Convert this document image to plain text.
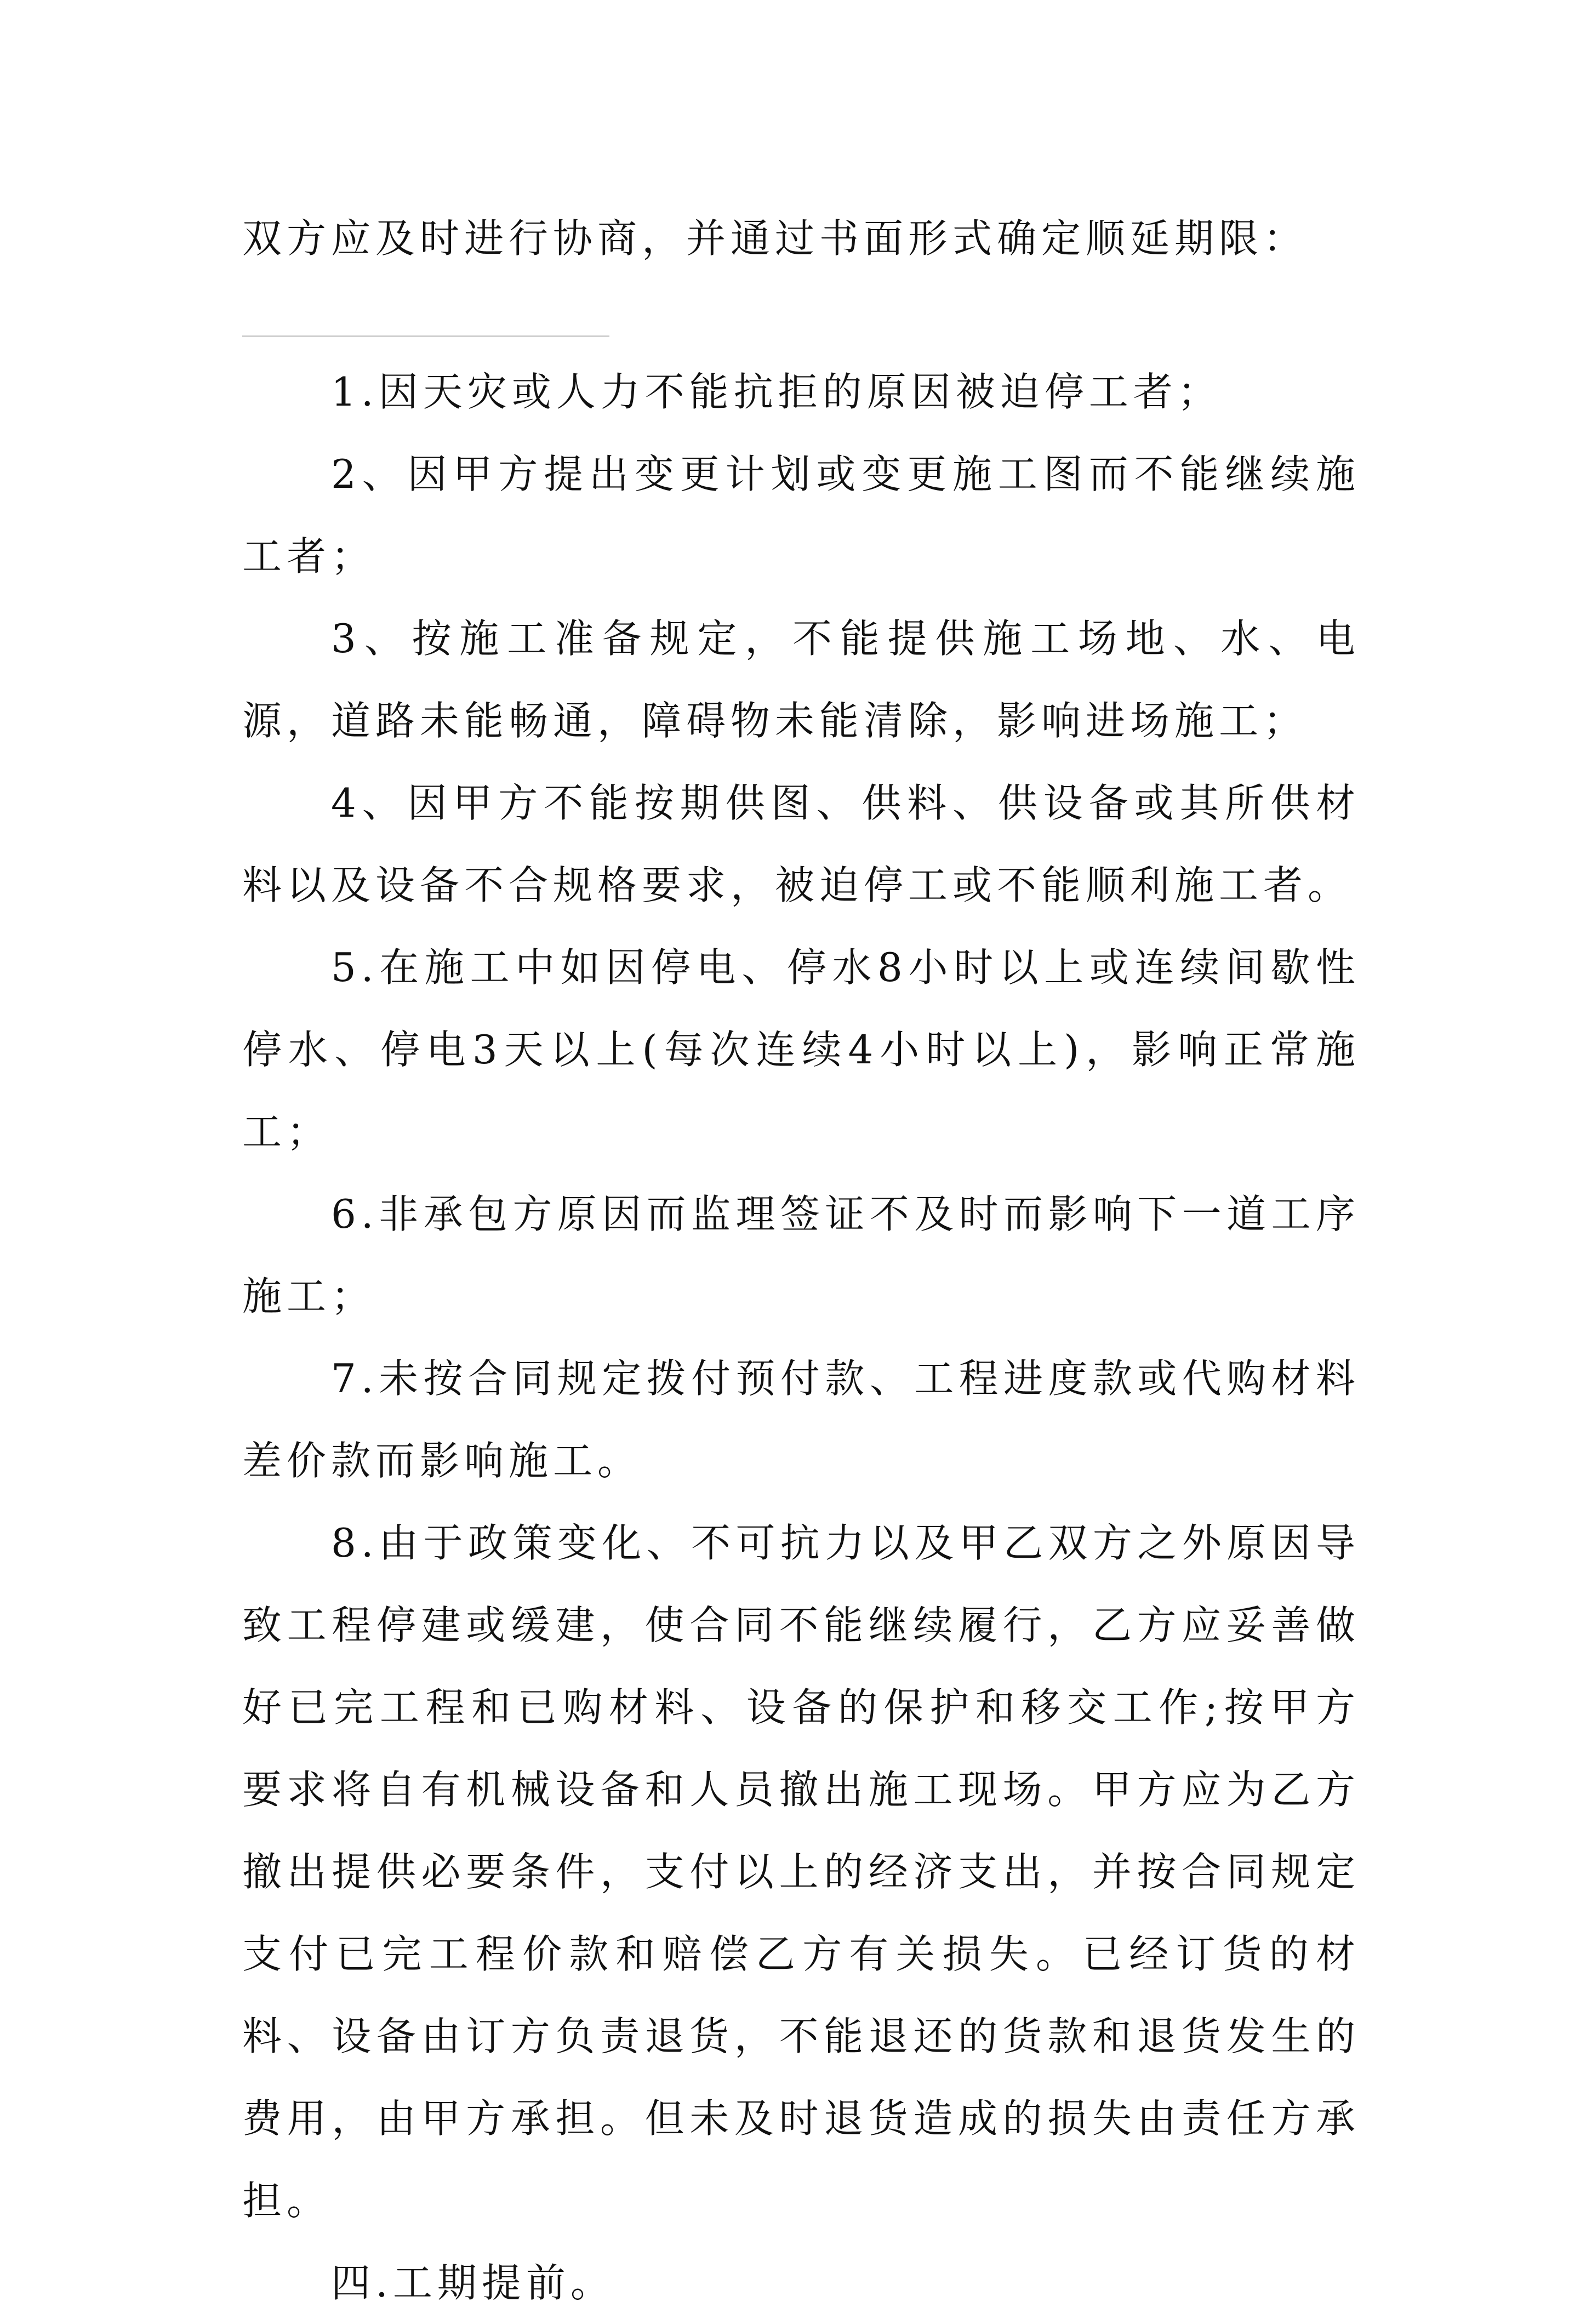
双方应及时进行协商，并通过书面形式确定顺延期限：

1.因天灾或人力不能抗拒的原因被迫停工者；

2、因甲方提出变更计划或变更施工图而不能继续施工者；

3、按施工准备规定，不能提供施工场地、水、电源，道路未能畅通，障碍物未能清除，影响进场施工；

4、因甲方不能按期供图、供料、供设备或其所供材料以及设备不合规格要求，被迫停工或不能顺利施工者。

5.在施工中如因停电、停水8小时以上或连续间歇性停水、停电3天以上(每次连续4小时以上)，影响正常施工；

6.非承包方原因而监理签证不及时而影响下一道工序施工；

7.未按合同规定拨付预付款、工程进度款或代购材料差价款而影响施工。

8.由于政策变化、不可抗力以及甲乙双方之外原因导致工程停建或缓建，使合同不能继续履行，乙方应妥善做好已完工程和已购材料、设备的保护和移交工作;按甲方要求将自有机械设备和人员撤出施工现场。甲方应为乙方撤出提供必要条件，支付以上的经济支出，并按合同规定支付已完工程价款和赔偿乙方有关损失。已经订货的材料、设备由订方负责退货，不能退还的货款和退货发生的费用，由甲方承担。但未及时退货造成的损失由责任方承担。

四.工期提前。
